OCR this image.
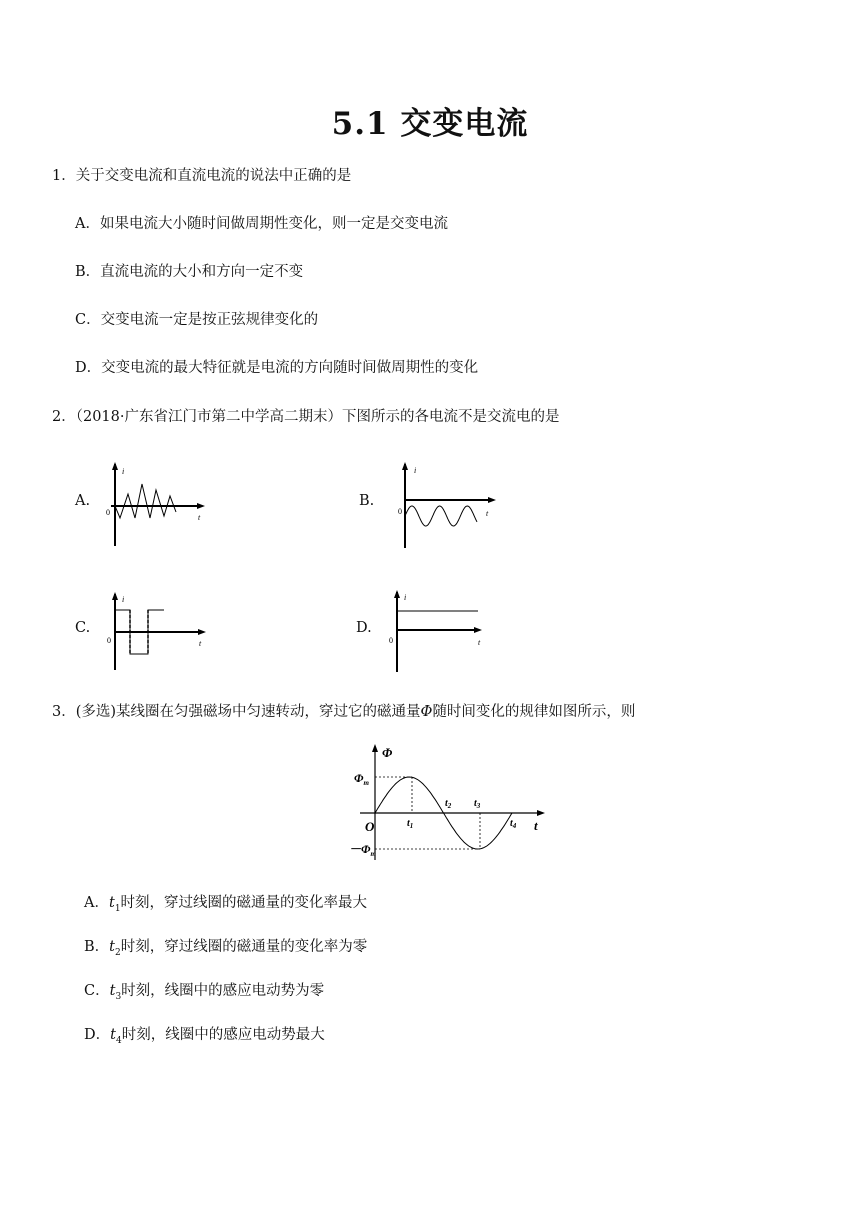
5.1 交变电流
1．关于交变电流和直流电流的说法中正确的是
A．如果电流大小随时间做周期性变化，则一定是交变电流
B．直流电流的大小和方向一定不变
C．交变电流一定是按正弦规律变化的
D．交变电流的最大特征就是电流的方向随时间做周期性的变化
2．（2018·广东省江门市第二中学高二期末）下图所示的各电流不是交流电的是
A.
i
t
0
B.
i
t
0
C.
i
t
0
D.
i
t
0
3．(多选)某线圈在匀强磁场中匀速转动，穿过它的磁通量Φ随时间变化的规律如图所示，则
Φ
t
O
$\Phi_m$
$-\Phi_m$
$t_1$
$t_2$ $t_3$
$t_4$
A．$t_1$时刻，穿过线圈的磁通量的变化率最大
B．$t_2$时刻，穿过线圈的磁通量的变化率为零
C．$t_3$时刻，线圈中的感应电动势为零
D．$t_4$时刻，线圈中的感应电动势最大
